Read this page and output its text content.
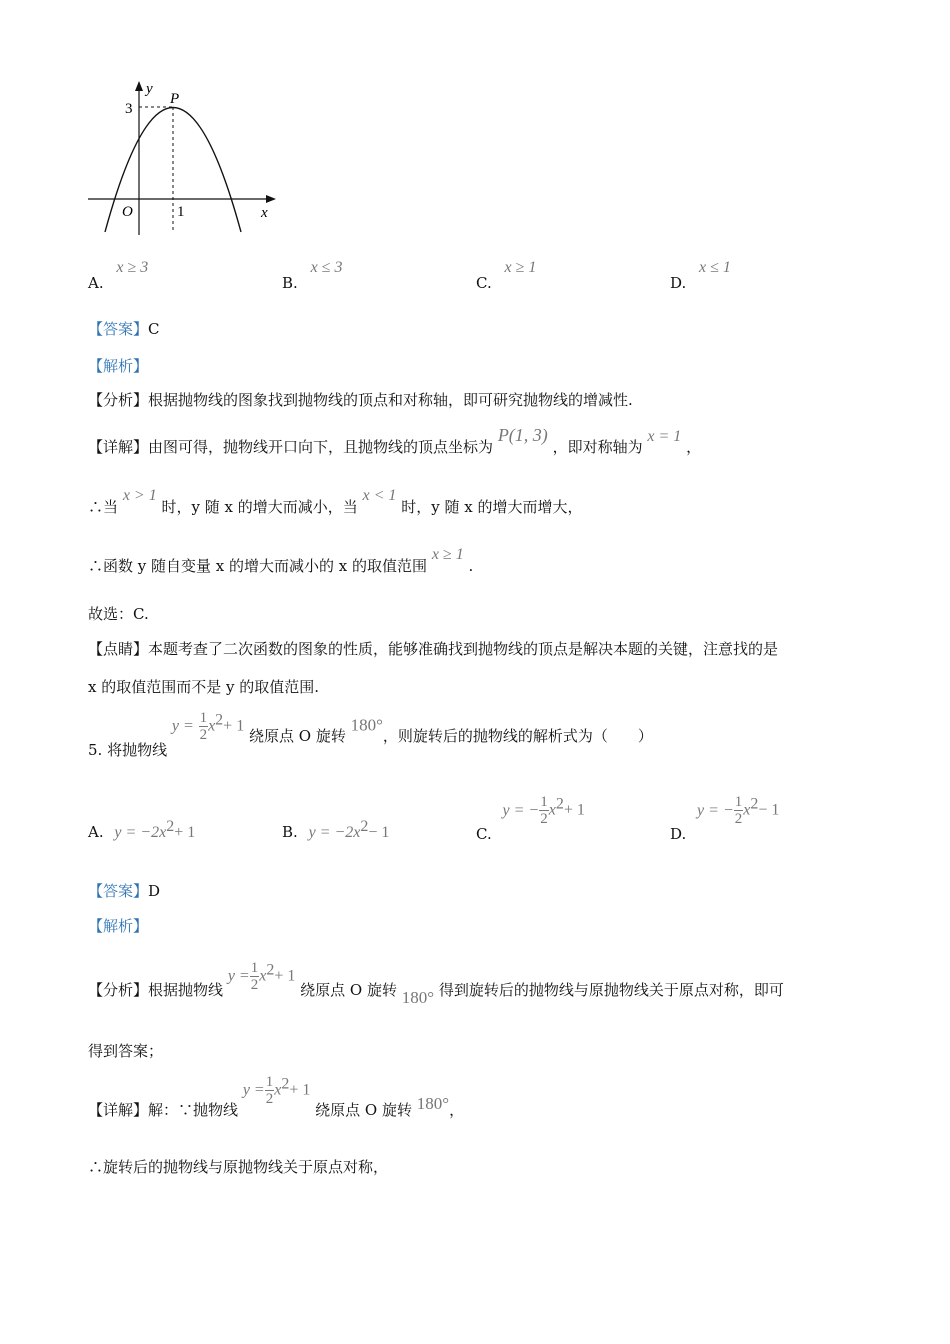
y
P
3
O	1	x
A. x ≥ 3
B. x ≤ 3
C. x ≥ 1
D. x ≤ 1
【答案】C
【解析】
【分析】根据抛物线的图象找到抛物线的顶点和对称轴，即可研究抛物线的增减性.
【详解】由图可得，抛物线开口向下，且抛物线的顶点坐标为 P(1, 3) ，即对称轴为 x = 1 ，
∴当 x > 1 时，y 随 x 的增大而减小，当 x < 1 时，y 随 x 的增大而增大，
∴函数 y 随自变量 x 的增大而减小的 x 的取值范围 x ≥ 1 .
故选：C.
【点睛】本题考查了二次函数的图象的性质，能够准确找到抛物线的顶点是解决本题的关键，注意找的是
x 的取值范围而不是 y 的取值范围.
5. 将抛物线 $y = \frac{1}{2} x^2+ 1$ 绕原点 O 旋转 180°，则旋转后的抛物线的解析式为（　　）
A. $y = -2x^2+ 1$	B. $y = -2x^2- 1$	C. y = − $\frac{1}{2} x^2+ 1$
D. y = − $\frac{1}{2} x^2- 1$
【答案】D
【解析】
【分析】根据抛物线 $y = \frac{1}{2} x^2+ 1$ 绕原点 O 旋转 180° 得到旋转后的抛物线与原抛物线关于原点对称，即可
得到答案；
【详解】解：∵抛物线 $y = \frac{1}{2} x^2+ 1$ 绕原点 O 旋转 180°，
∴旋转后的抛物线与原抛物线关于原点对称，
